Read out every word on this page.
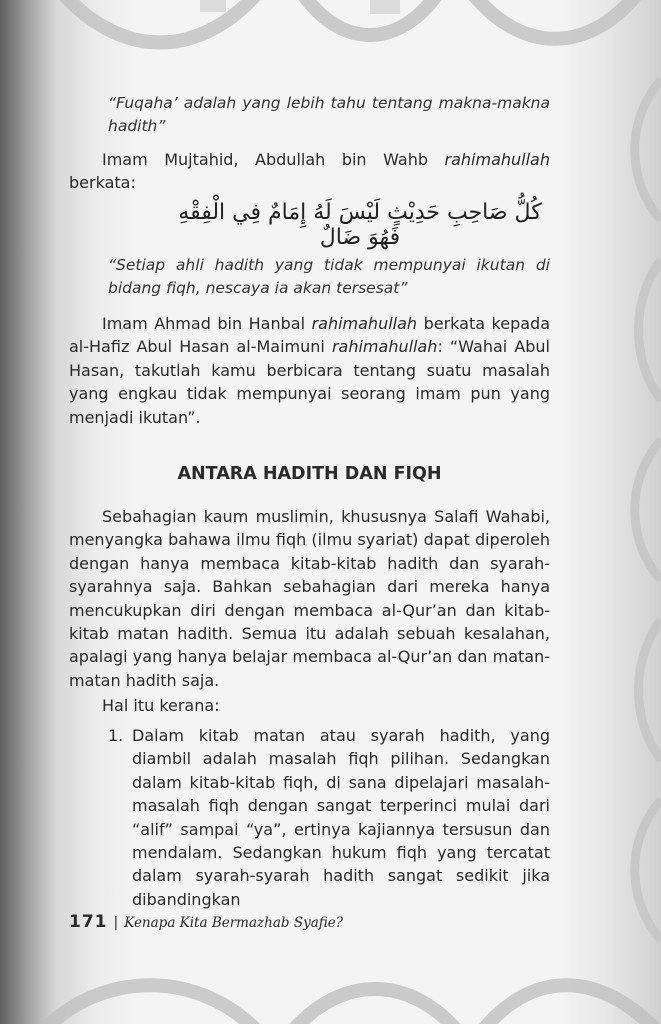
“Fuqaha’ adalah yang lebih tahu tentang makna-makna hadith”
Imam Mujtahid, Abdullah bin Wahb rahimahullah berkata:
كُلُّ صَاحِبِ حَدِيْثٍ لَيْسَ لَهُ إِمَامٌ فِي الْفِقْهِ فَهُوَ ضَالٌ
“Setiap ahli hadith yang tidak mempunyai ikutan di bidang fiqh, nescaya ia akan tersesat”
Imam Ahmad bin Hanbal rahimahullah berkata kepada al-Hafiz Abul Hasan al-Maimuni rahimahullah: “Wahai Abul Hasan, takutlah kamu berbicara tentang suatu masalah yang engkau tidak mempunyai seorang imam pun yang menjadi ikutan”.
ANTARA HADITH DAN FIQH
Sebahagian kaum muslimin, khususnya Salafi Wahabi, menyangka bahawa ilmu fiqh (ilmu syariat) dapat diperoleh dengan hanya membaca kitab-kitab hadith dan syarah-syarahnya saja. Bahkan sebahagian dari mereka hanya mencukupkan diri dengan membaca al-Qur’an dan kitab-kitab matan hadith. Semua itu adalah sebuah kesalahan, apalagi yang hanya belajar membaca al-Qur’an dan matan-matan hadith saja.
Hal itu kerana:
1. Dalam kitab matan atau syarah hadith, yang diambil adalah masalah fiqh pilihan. Sedangkan dalam kitab-kitab fiqh, di sana dipelajari masalah-masalah fiqh dengan sangat terperinci mulai dari “alif” sampai “ya”, ertinya kajiannya tersusun dan mendalam. Sedangkan hukum fiqh yang tercatat dalam syarah-syarah hadith sangat sedikit jika dibandingkan
171 | Kenapa Kita Bermazhab Syafie?
